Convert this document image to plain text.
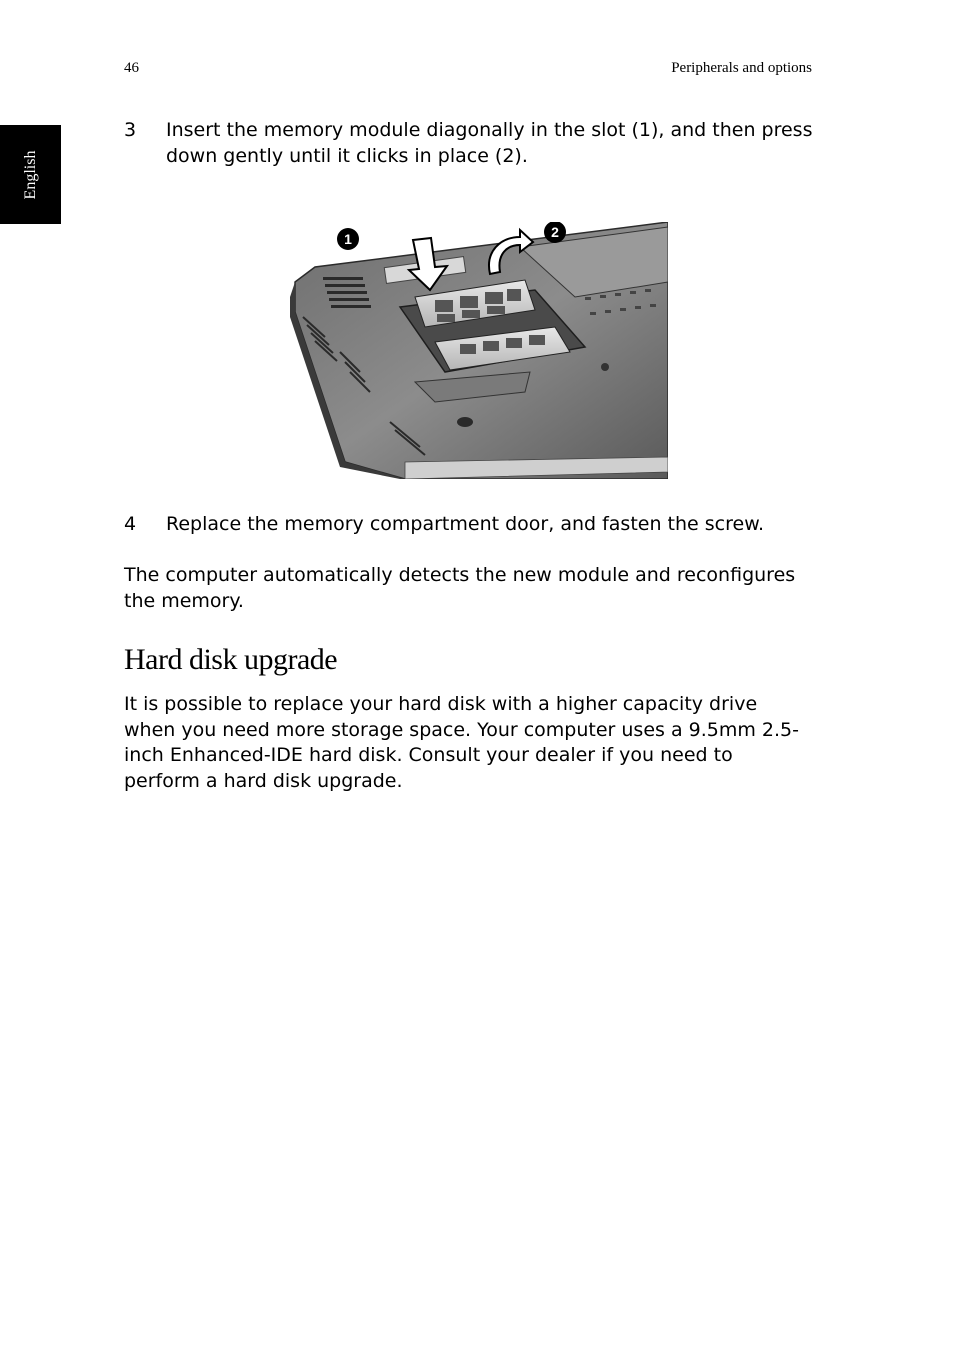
46	Peripherals and options
English
3 Insert the memory module diagonally in the slot (1), and then press down gently until it clicks in place (2).
1	2
4 Replace the memory compartment door, and fasten the screw.
The computer automatically detects the new module and reconfigures the memory.
Hard disk upgrade
It is possible to replace your hard disk with a higher capacity drive when you need more storage space. Your computer uses a 9.5mm 2.5-inch Enhanced-IDE hard disk. Consult your dealer if you need to perform a hard disk upgrade.
